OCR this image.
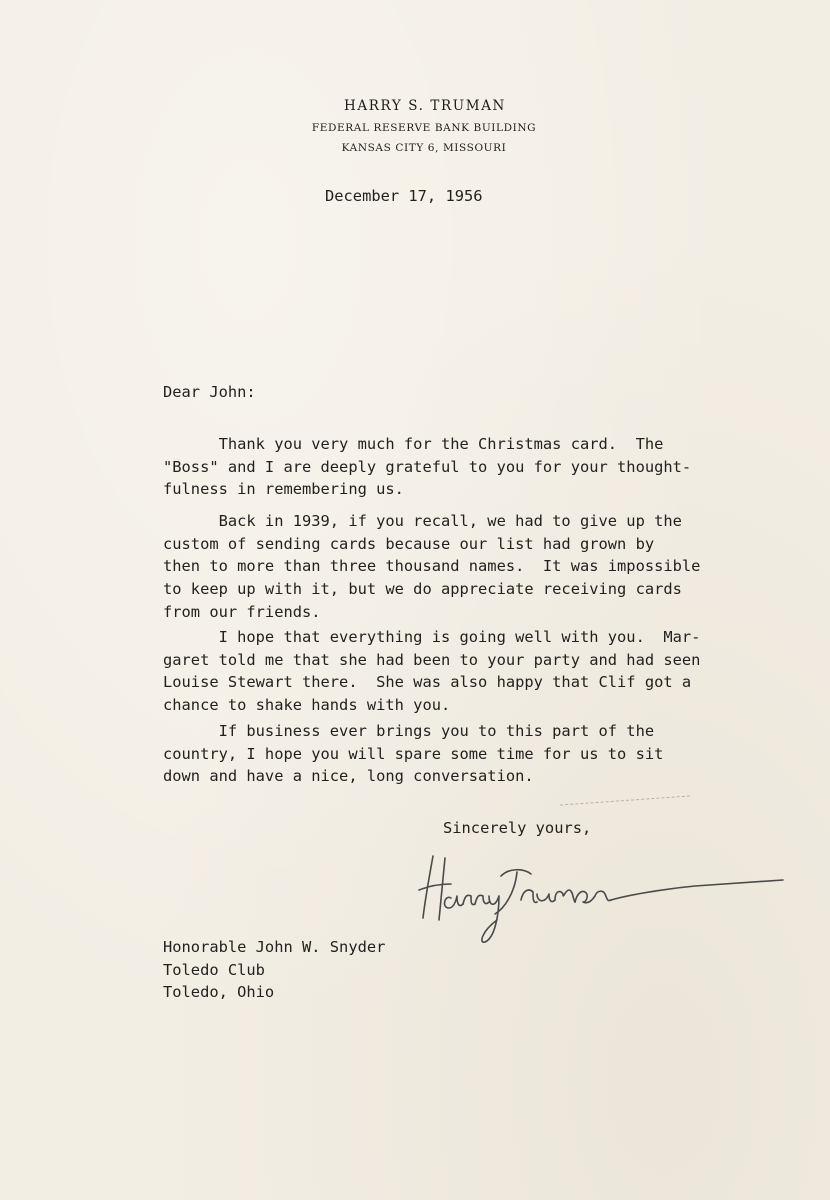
HARRY S. TRUMAN
FEDERAL RESERVE BANK BUILDING
KANSAS CITY 6, MISSOURI
December 17, 1956
Dear John:
Thank you very much for the Christmas card.  The
"Boss" and I are deeply grateful to you for your thought-
fulness in remembering us.
Back in 1939, if you recall, we had to give up the
custom of sending cards because our list had grown by
then to more than three thousand names.  It was impossible
to keep up with it, but we do appreciate receiving cards
from our friends.
I hope that everything is going well with you.  Mar-
garet told me that she had been to your party and had seen
Louise Stewart there.  She was also happy that Clif got a
chance to shake hands with you.
If business ever brings you to this part of the
country, I hope you will spare some time for us to sit
down and have a nice, long conversation.
Sincerely yours,
Honorable John W. Snyder
Toledo Club
Toledo, Ohio
